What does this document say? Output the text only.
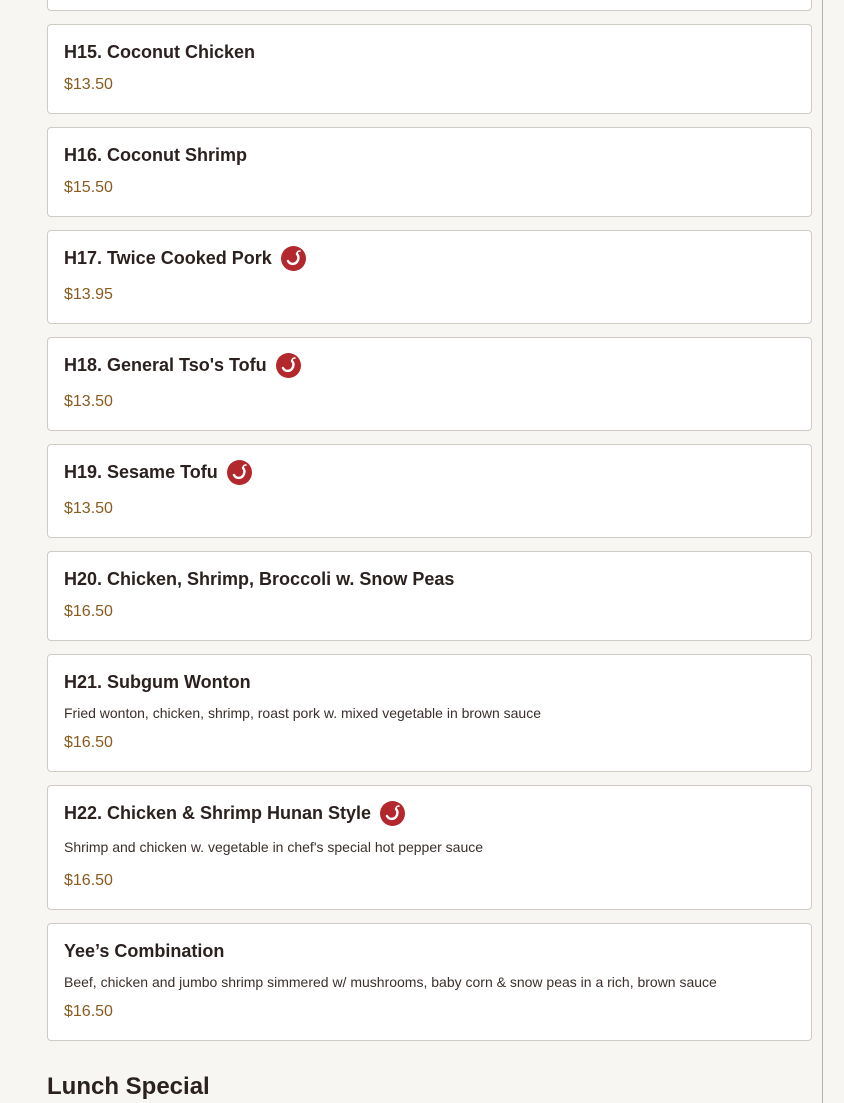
H15. Coconut Chicken
$13.50
H16. Coconut Shrimp
$15.50
H17. Twice Cooked Pork
$13.95
H18. General Tso's Tofu
$13.50
H19. Sesame Tofu
$13.50
H20. Chicken, Shrimp, Broccoli w. Snow Peas
$16.50
H21. Subgum Wonton
Fried wonton, chicken, shrimp, roast pork w. mixed vegetable in brown sauce
$16.50
H22. Chicken & Shrimp Hunan Style
Shrimp and chicken w. vegetable in chef's special hot pepper sauce
$16.50
Yee’s Combination
Beef, chicken and jumbo shrimp simmered w/ mushrooms, baby corn & snow peas in a rich, brown sauce
$16.50
Lunch Special
